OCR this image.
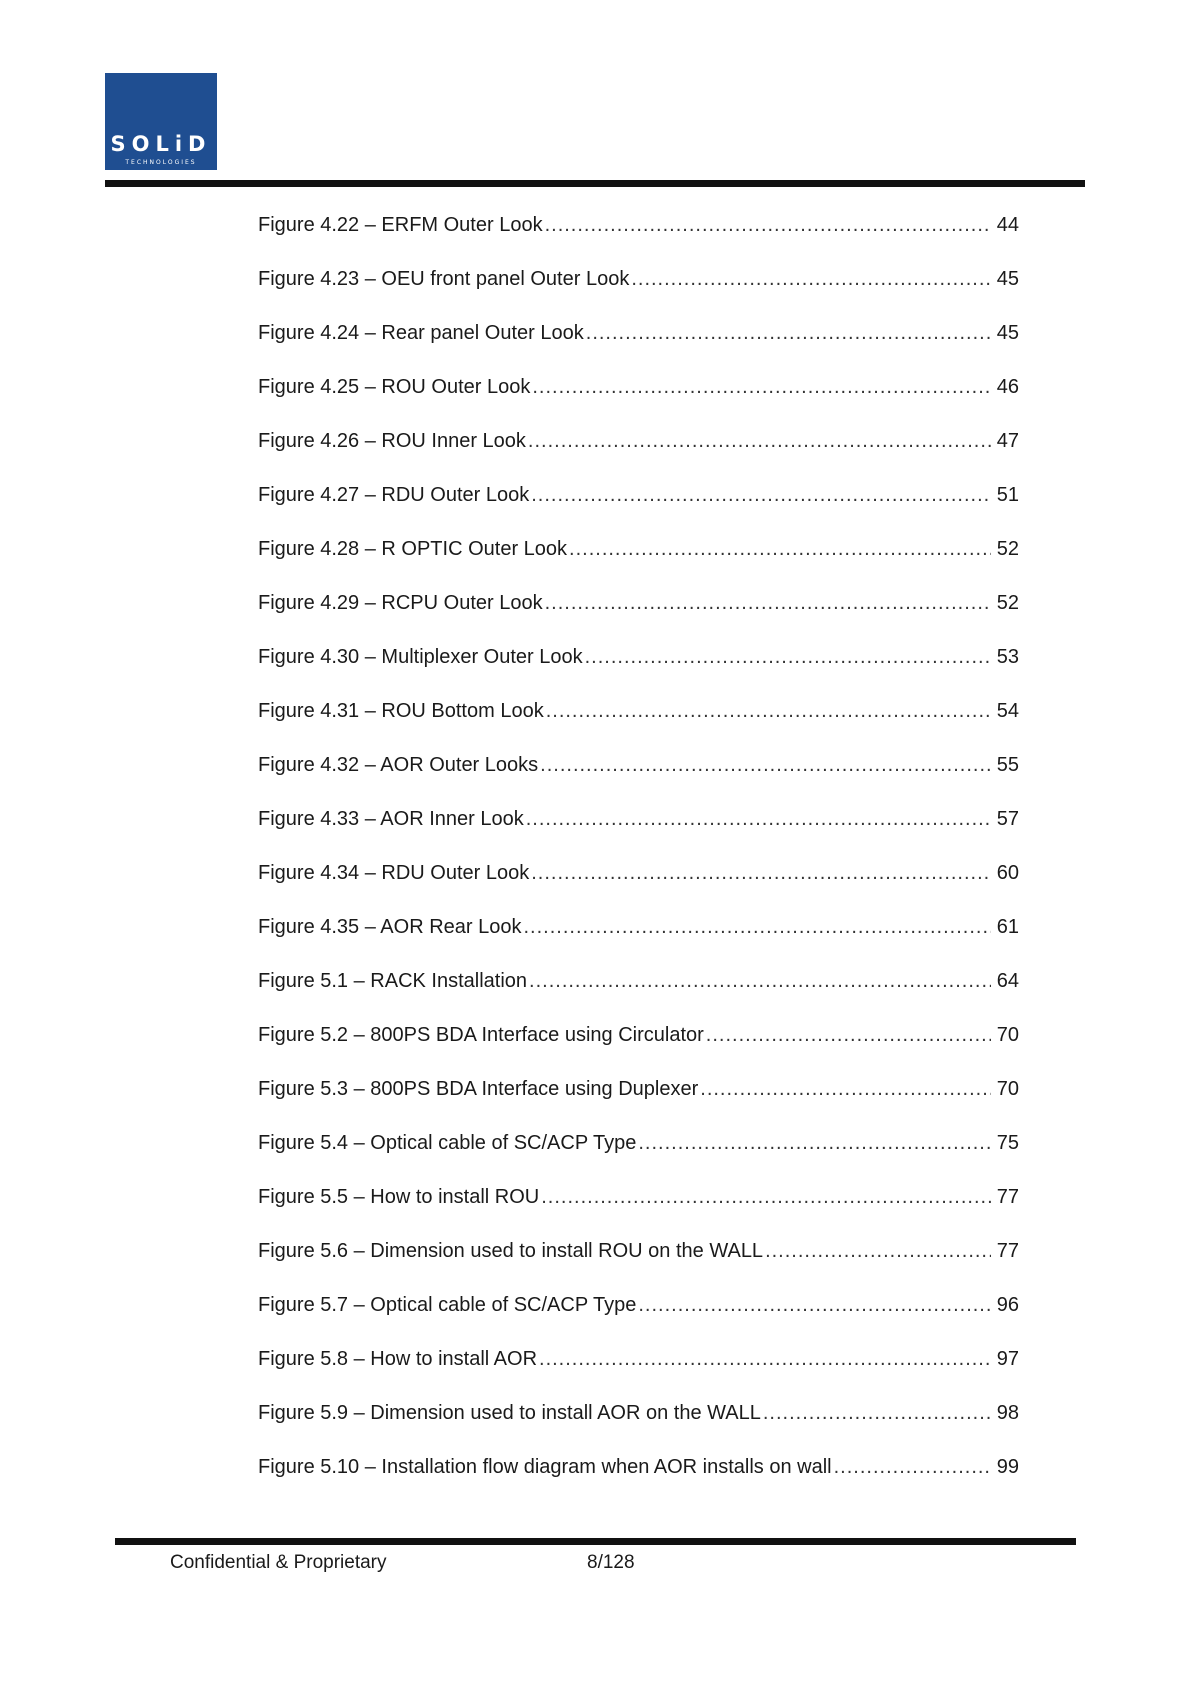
SOLiD
TECHNOLOGIES
Figure 4.22 – ERFM Outer Look .....	44
Figure 4.23 – OEU front panel Outer Look .....	45
Figure 4.24 – Rear panel Outer Look .....	45
Figure 4.25 – ROU Outer Look .....	46
Figure 4.26 – ROU Inner Look .....	47
Figure 4.27 – RDU Outer Look .....	51
Figure 4.28 – R OPTIC Outer Look .....	52
Figure 4.29 – RCPU Outer Look .....	52
Figure 4.30 – Multiplexer Outer Look .....	53
Figure 4.31 – ROU Bottom Look .....	54
Figure 4.32 – AOR Outer Looks .....	55
Figure 4.33 – AOR Inner Look .....	57
Figure 4.34 – RDU Outer Look .....	60
Figure 4.35 – AOR Rear Look .....	61
Figure 5.1 – RACK Installation .....	64
Figure 5.2 – 800PS BDA Interface using Circulator .....	70
Figure 5.3 – 800PS BDA Interface using Duplexer .....	70
Figure 5.4 – Optical cable of SC/ACP Type .....	75
Figure 5.5 – How to install ROU .....	77
Figure 5.6 – Dimension used to install ROU on the WALL .....	77
Figure 5.7 – Optical cable of SC/ACP Type .....	96
Figure 5.8 – How to install AOR .....	97
Figure 5.9 – Dimension used to install AOR on the WALL .....	98
Figure 5.10 – Installation flow diagram when AOR installs on wall .....	99
Confidential & Proprietary	8/128
